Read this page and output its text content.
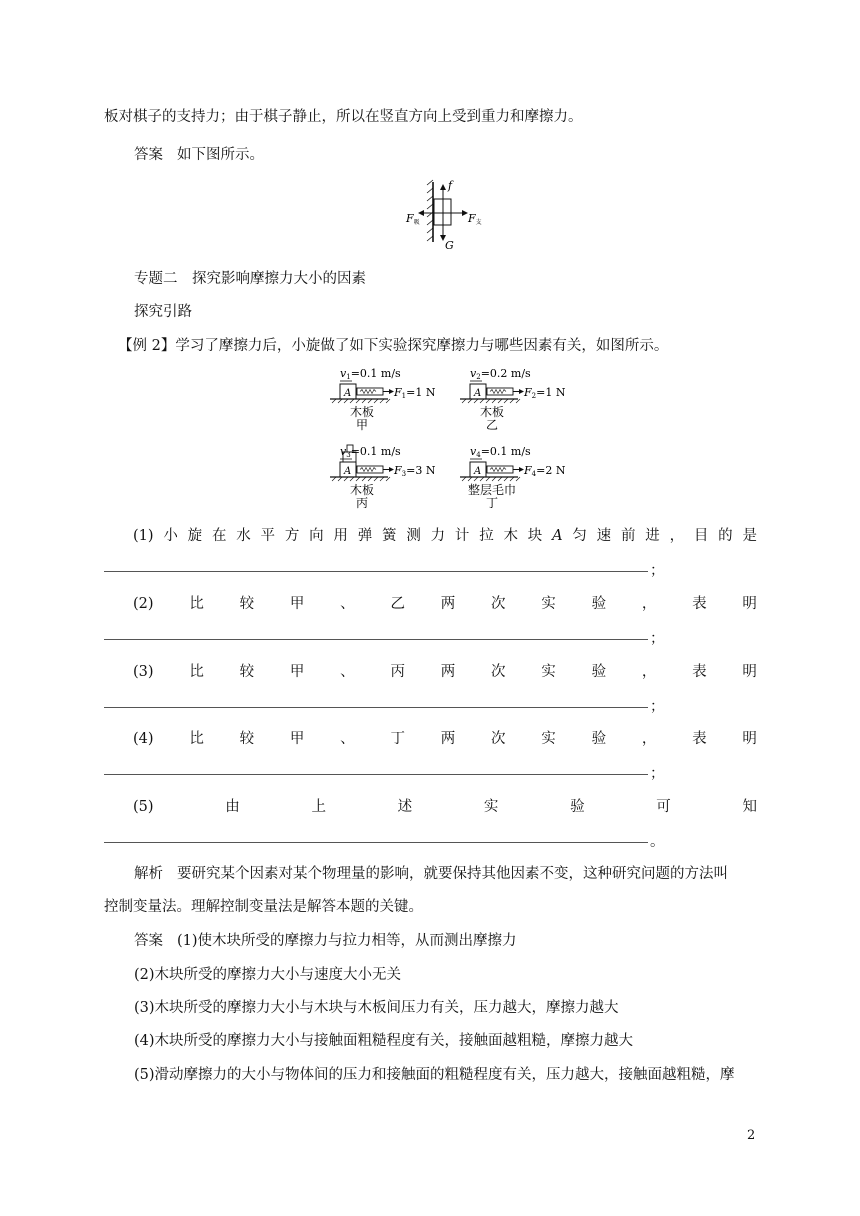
板对棋子的支持力；由于棋子静止，所以在竖直方向上受到重力和摩擦力。
答案 如下图所示。
f
G
F吸	F支
专题二　探究影响摩擦力大小的因素
探究引路
【例 2】学习了摩擦力后，小旋做了如下实验探究摩擦力与哪些因素有关，如图所示。
v1=0.1 m/s
A	F1=1 N
木板
甲
v2=0.2 m/s
A	F2=1 N
木板
乙
v3=0.1 m/s
A	F3=3 N
木板
丙
v4=0.1 m/s
A	F4=2 N
整层毛巾
丁
(1) 小 旋 在 水 平 方 向 用 弹 簧 测 力 计 拉 木 块 A 匀 速 前 进 ， 目 的 是
；
(2) 比 较 甲 、 乙 两 次 实 验 ， 表 明
；
(3) 比 较 甲 、 丙 两 次 实 验 ， 表 明
；
(4) 比 较 甲 、 丁 两 次 实 验 ， 表 明
；
(5)	由	上	述	实	验	可	知
。
解析 要研究某个因素对某个物理量的影响，就要保持其他因素不变，这种研究问题的方法叫
控制变量法。理解控制变量法是解答本题的关键。
答案 (1)使木块所受的摩擦力与拉力相等，从而测出摩擦力
(2)木块所受的摩擦力大小与速度大小无关
(3)木块所受的摩擦力大小与木块与木板间压力有关，压力越大，摩擦力越大
(4)木块所受的摩擦力大小与接触面粗糙程度有关，接触面越粗糙，摩擦力越大
(5)滑动摩擦力的大小与物体间的压力和接触面的粗糙程度有关，压力越大，接触面越粗糙，摩
2
